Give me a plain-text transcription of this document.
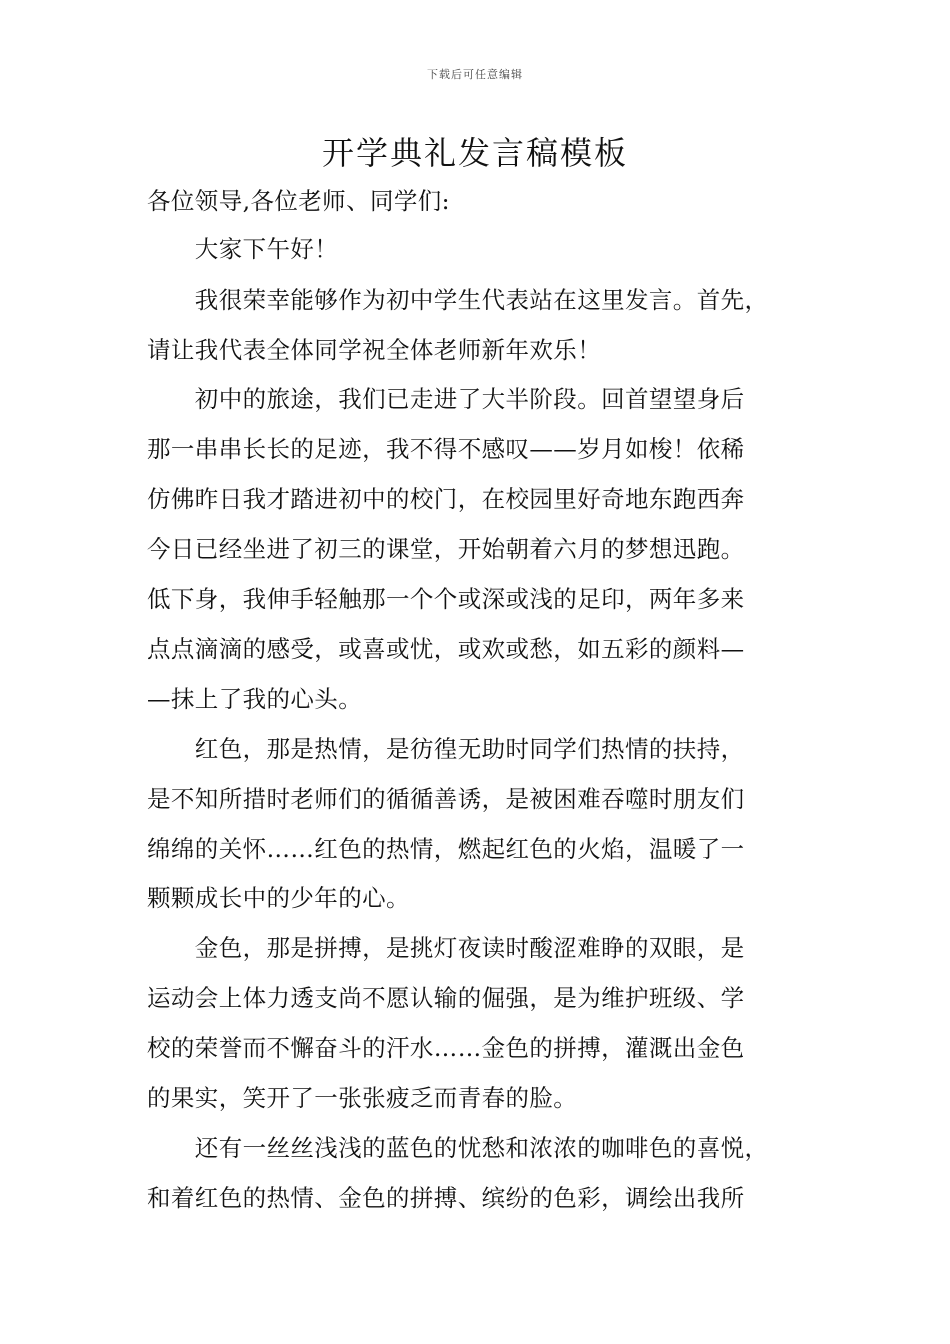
下载后可任意编辑
开学典礼发言稿模板
各位领导,各位老师、同学们:
　　大家下午好！
　　我很荣幸能够作为初中学生代表站在这里发言。首先，
请让我代表全体同学祝全体老师新年欢乐！
　　初中的旅途，我们已走进了大半阶段。回首望望身后
那一串串长长的足迹，我不得不感叹——岁月如梭！依稀
仿佛昨日我才踏进初中的校门，在校园里好奇地东跑西奔
今日已经坐进了初三的课堂，开始朝着六月的梦想迅跑。
低下身，我伸手轻触那一个个或深或浅的足印，两年多来
点点滴滴的感受，或喜或忧，或欢或愁，如五彩的颜料—
—抹上了我的心头。
　　红色，那是热情，是彷徨无助时同学们热情的扶持，
是不知所措时老师们的循循善诱，是被困难吞噬时朋友们
绵绵的关怀……红色的热情，燃起红色的火焰，温暖了一
颗颗成长中的少年的心。
　　金色，那是拼搏，是挑灯夜读时酸涩难睁的双眼，是
运动会上体力透支尚不愿认输的倔强，是为维护班级、学
校的荣誉而不懈奋斗的汗水……金色的拼搏，灌溉出金色
的果实，笑开了一张张疲乏而青春的脸。
　　还有一丝丝浅浅的蓝色的忧愁和浓浓的咖啡色的喜悦，
和着红色的热情、金色的拼搏、缤纷的色彩，调绘出我所
